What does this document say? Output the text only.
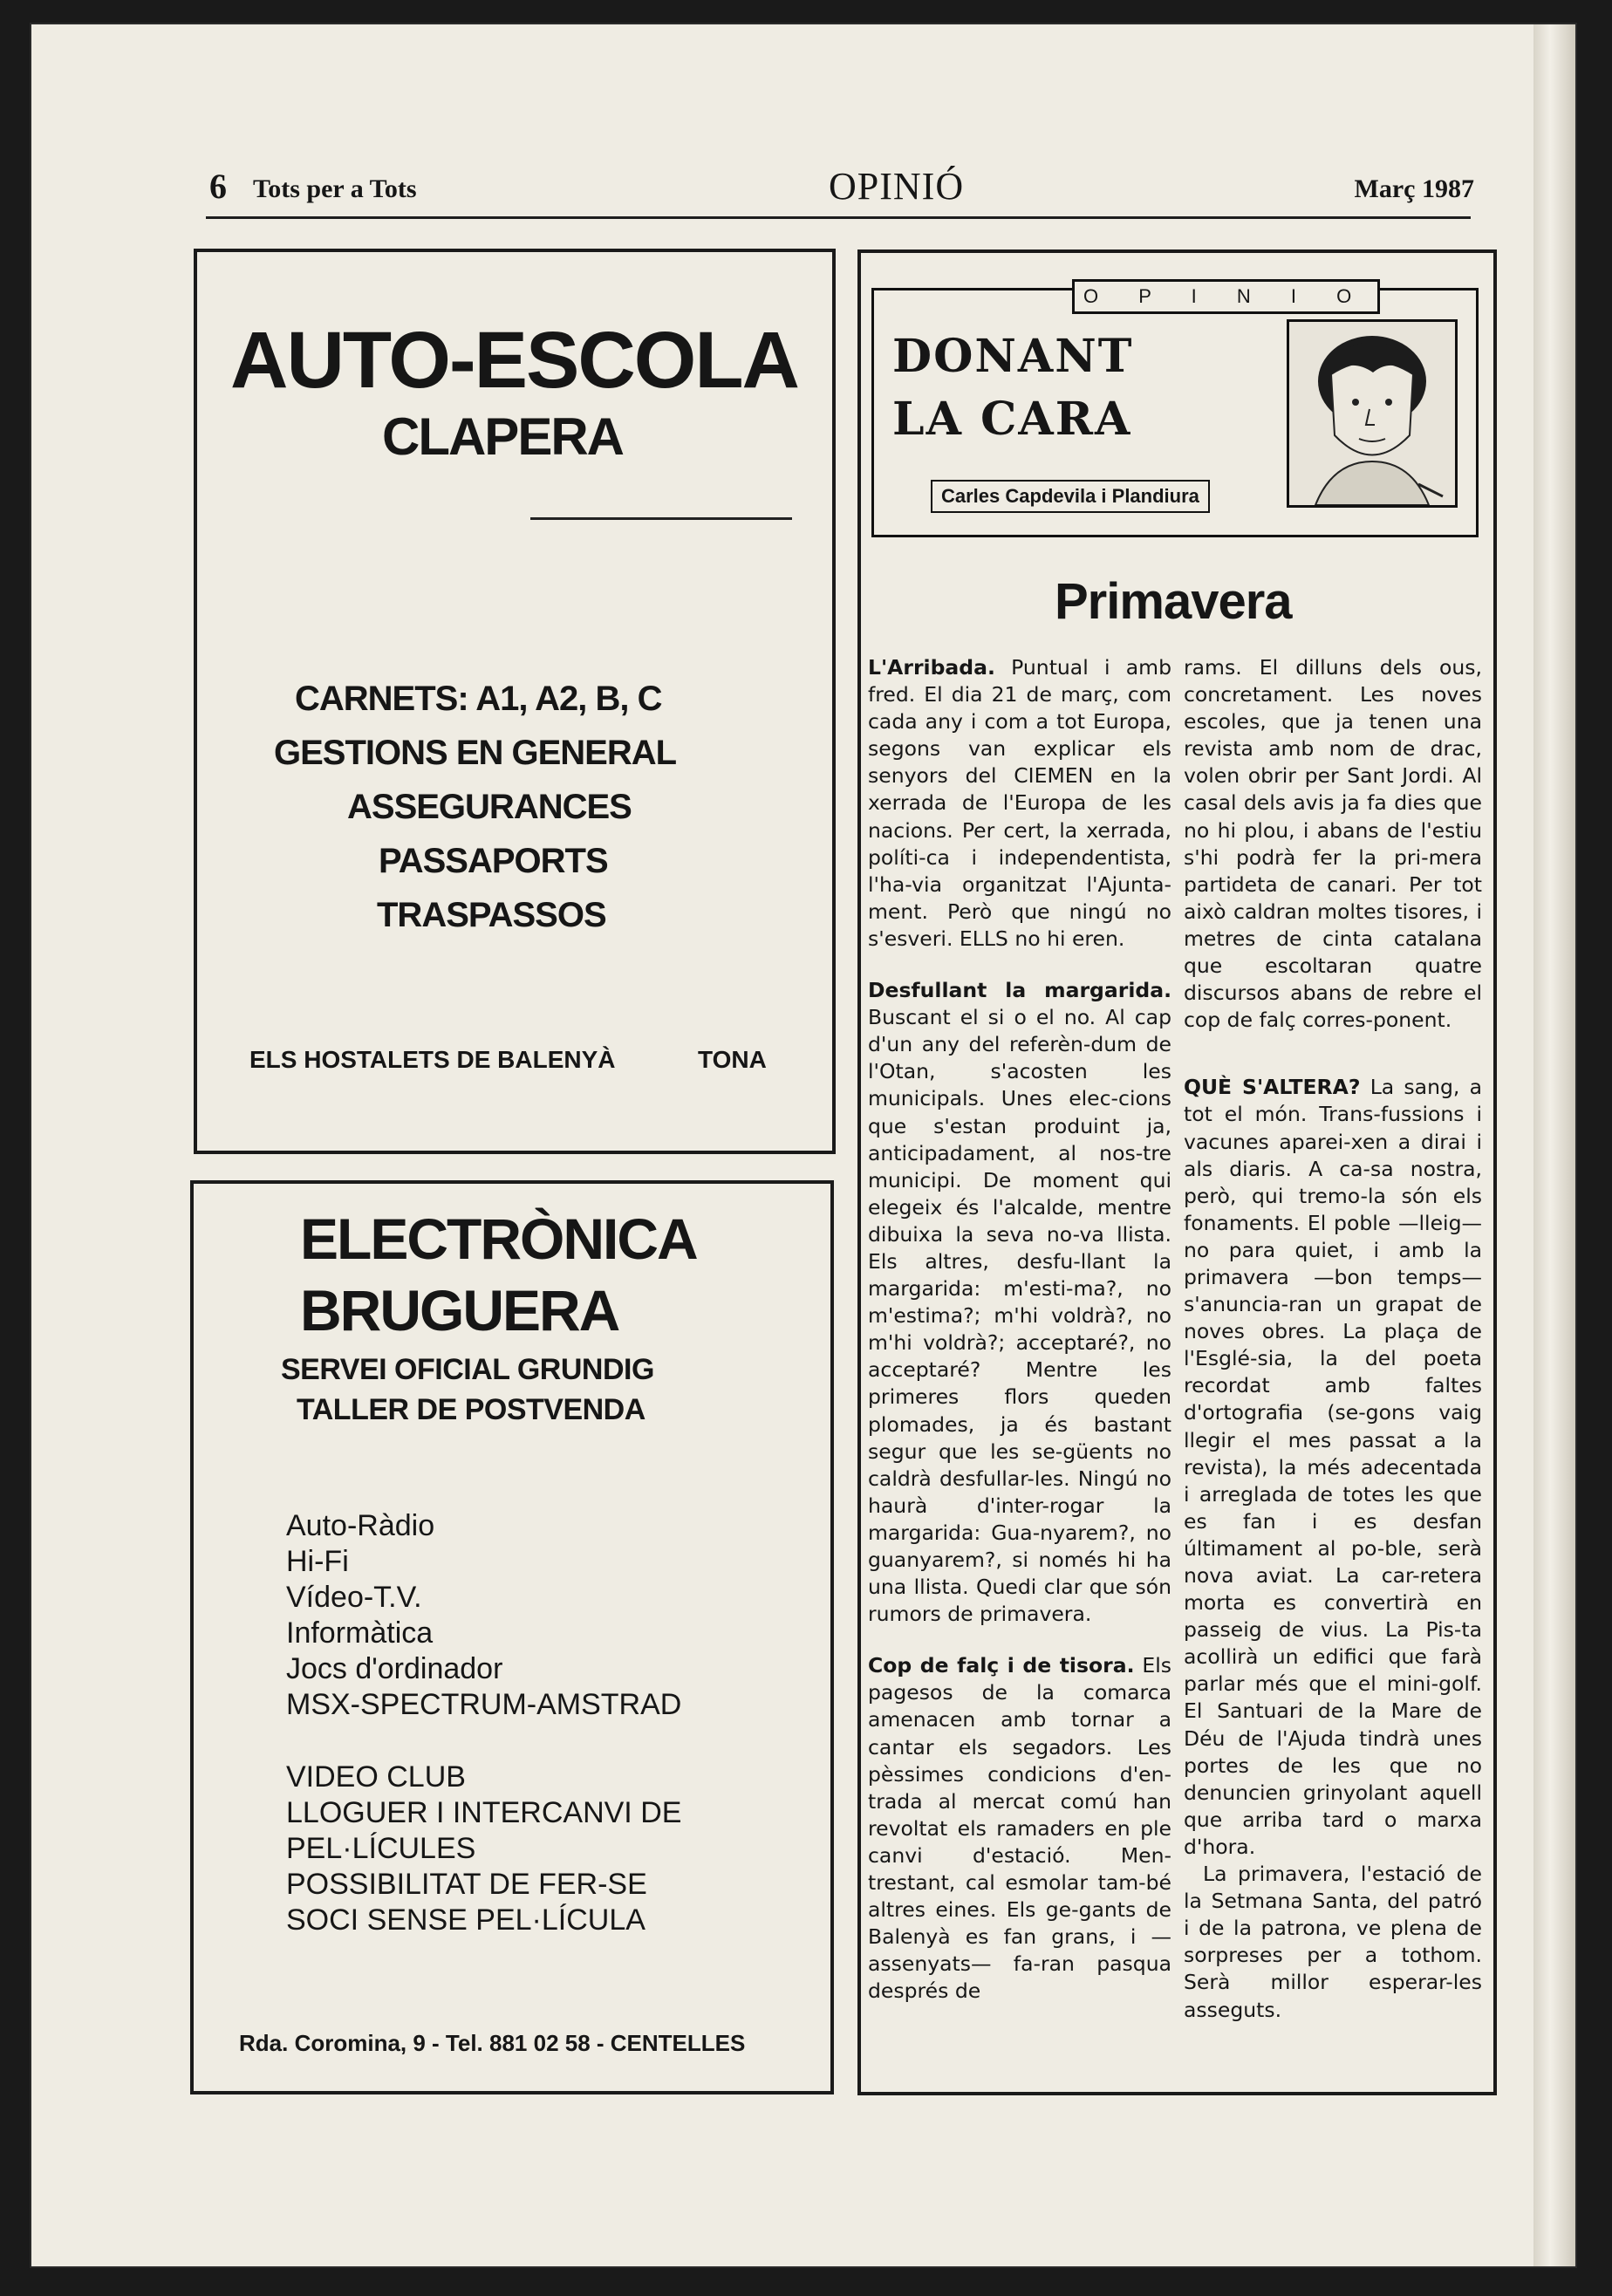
6 Tots per a Tots	OPINIÓ	Març 1987
AUTO-ESCOLA
CLAPERA
CARNETS: A1, A2, B, C
GESTIONS EN GENERAL
ASSEGURANCES
PASSAPORTS
TRASPASSOS
ELS HOSTALETS DE BALENYÀ	TONA
ELECTRÒNICA
BRUGUERA
SERVEI OFICIAL GRUNDIG
TALLER DE POSTVENDA
Auto-Ràdio
Hi-Fi
Vídeo-T.V.
Informàtica
Jocs d'ordinador
MSX-SPECTRUM-AMSTRAD
VIDEO CLUB
LLOGUER I INTERCANVI DE
PEL·LÍCULES
POSSIBILITAT DE FER-SE
SOCI SENSE PEL·LÍCULA
Rda. Coromina, 9 - Tel. 881 02 58 - CENTELLES
O P I N I O
DONANT
LA CARA
Carles Capdevila i Plandiura
Primavera

L'Arribada. Puntual i amb fred. El dia 21 de març, com cada any i com a tot Europa, segons van explicar els senyors del CIEMEN en la xerrada de l'Europa de les nacions. Per cert, la xerrada, políti-ca i independentista, l'ha-via organitzat l'Ajunta-ment. Però que ningú no s'esveri. ELLS no hi eren.

Desfullant la margarida. Buscant el si o el no. Al cap d'un any del referèn-dum de l'Otan, s'acosten les municipals. Unes elec-cions que s'estan produint ja, anticipadament, al nos-tre municipi. De moment qui elegeix és l'alcalde, mentre dibuixa la seva no-va llista. Els altres, desfu-llant la margarida: m'esti-ma?, no m'estima?; m'hi voldrà?, no m'hi voldrà?; acceptaré?, no acceptaré? Mentre les primeres flors queden plomades, ja és bastant segur que les se-güents no caldrà desfullar-les. Ningú no haurà d'inter-rogar la margarida: Gua-nyarem?, no guanyarem?, si només hi ha una llista. Quedi clar que són rumors de primavera.

Cop de falç i de tisora. Els pagesos de la comarca amenacen amb tornar a cantar els segadors. Les pèssimes condicions d'en-trada al mercat comú han revoltat els ramaders en ple canvi d'estació. Men-trestant, cal esmolar tam-bé altres eines. Els ge-gants de Balenyà es fan grans, i —assenyats— fa-ran pasqua després de

rams. El dilluns dels ous, concretament. Les noves escoles, que ja tenen una revista amb nom de drac, volen obrir per Sant Jordi. Al casal dels avis ja fa dies que no hi plou, i abans de l'estiu s'hi podrà fer la pri-mera partideta de canari. Per tot això caldran moltes tisores, i metres de cinta catalana que escoltaran quatre discursos abans de rebre el cop de falç corres-ponent.

QUÈ S'ALTERA? La sang, a tot el món. Trans-fussions i vacunes aparei-xen a dirai i als diaris. A ca-sa nostra, però, qui tremo-la són els fonaments. El poble —lleig— no para quiet, i amb la primavera —bon temps— s'anuncia-ran un grapat de noves obres. La plaça de l'Esglé-sia, la del poeta recordat amb faltes d'ortografia (se-gons vaig llegir el mes passat a la revista), la més adecentada i arreglada de totes les que es fan i es desfan últimament al po-ble, serà nova aviat. La car-retera morta es convertirà en passeig de vius. La Pis-ta acollirà un edifici que farà parlar més que el mini-golf. El Santuari de la Mare de Déu de l'Ajuda tindrà unes portes de les que no denuncien grinyolant aquell que arriba tard o marxa d'hora.

La primavera, l'estació de la Setmana Santa, del patró i de la patrona, ve plena de sorpreses per a tothom. Serà millor esperar-les asseguts.
